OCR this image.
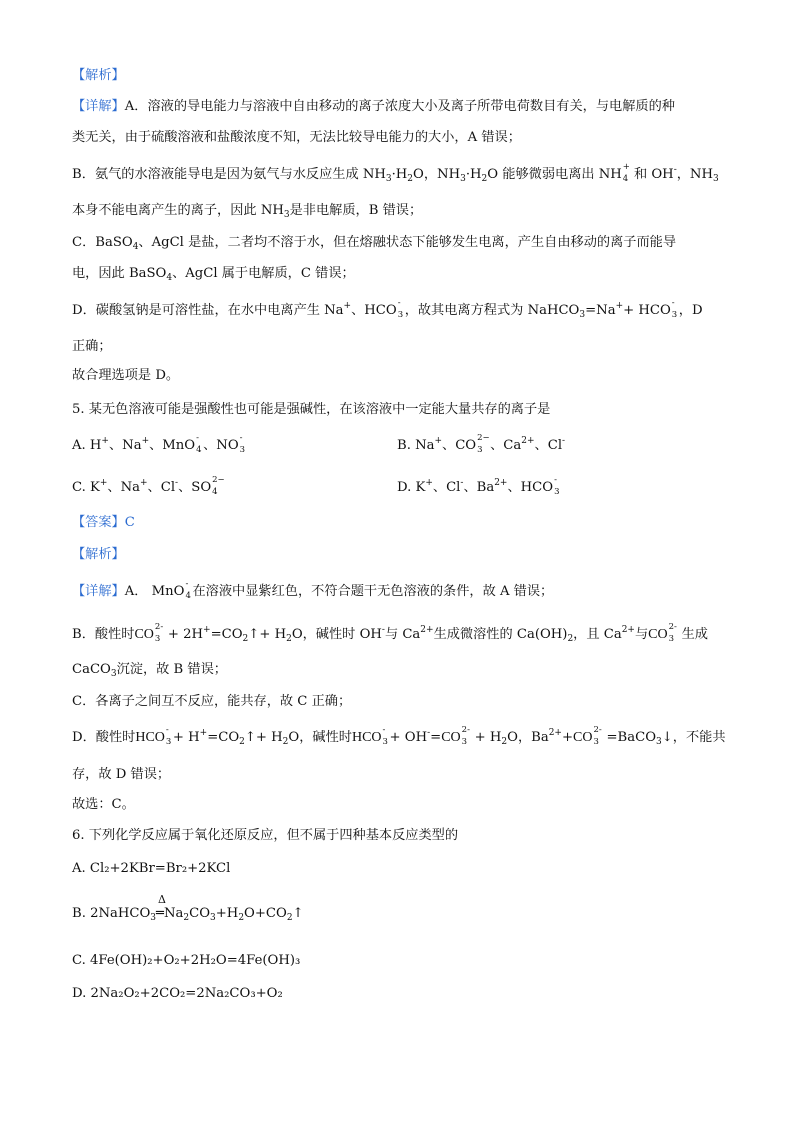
【解析】
【详解】A．溶液的导电能力与溶液中自由移动的离子浓度大小及离子所带电荷数目有关，与电解质的种
类无关，由于硫酸溶液和盐酸浓度不知，无法比较导电能力的大小，A 错误；
B．氨气的水溶液能导电是因为氨气与水反应生成 $NH_3\cdot H_2O$，$NH_3\cdot H_2O$ 能够微弱电离出 NH
+
4 和 OH-，$NH_3$
本身不能电离产生的离子，因此 $NH_3$是非电解质，B 错误；
C．BaSO$_4$、AgCl 是盐，二者均不溶于水，但在熔融状态下能够发生电离，产生自由移动的离子而能导
电，因此 BaSO$_4$、AgCl 属于电解质，C 错误；
D．碳酸氢钠是可溶性盐，在水中电离产生 Na+、HCO
-
3 ，故其电离方程式为 NaHCO$_3$=Na++ HCO
-
3 ，D
正确；
故合理选项是 D。
5. 某无色溶液可能是强酸性也可能是强碱性，在该溶液中一定能大量共存的离子是
A. H+、Na+、MnO
-
4 、NO
-
3	B. Na+、CO
2−
3 、$Ca^{2+}$、Cl-
C. K+、Na+、Cl-、SO
2−
4	D. K+、Cl-、$Ba^{2+}$、HCO
-
3
【答案】C
【解析】
【详解】A． MnO
-
4 在溶液中显紫红色，不符合题干无色溶液的条件，故 A 错误；
B．酸性时CO
2-
$3 + 2H^+=CO_2↑+ H_2O$，碱性时 OH-与 $Ca^{2+}$生成微溶性的 $Ca(OH)_2$，且 $Ca^{2+}$与CO
2-
3 生成
CaCO$_3$沉淀，故 B 错误；
C．各离子之间互不反应，能共存，故 C 正确；
D．酸性时HCO
-
$3 + H^+=CO_2↑+ H_2O$，碱性时HCO
-
3 + OH-=CO
2-
$3 + H_2O$，$Ba^{2+}+CO$
2-
3 =BaCO$_3$↓，不能共
存，故 D 错误；
故选：C。
6. 下列化学反应属于氧化还原反应，但不属于四种基本反应类型的
A. Cl₂+2KBr=Br₂+2KCl
B. 2NaHCO$_3$
Δ
$═Na_2CO_3+H_2O+CO_2↑$
C. 4Fe(OH)₂+O₂+2H₂O=4Fe(OH)₃
D. 2Na₂O₂+2CO₂=2Na₂CO₃+O₂
